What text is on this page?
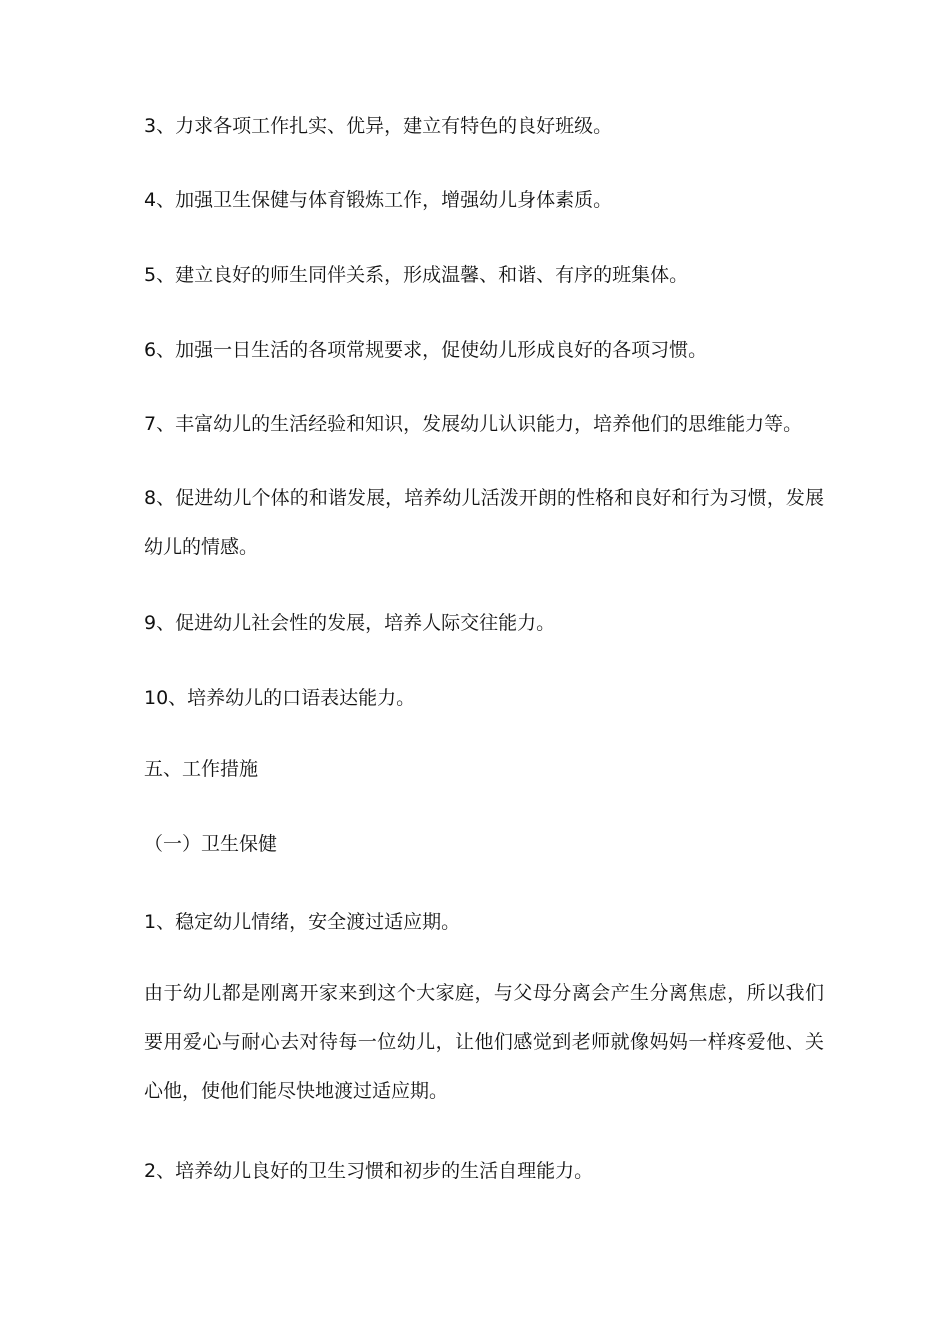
3、力求各项工作扎实、优异，建立有特色的良好班级。
4、加强卫生保健与体育锻炼工作，增强幼儿身体素质。
5、建立良好的师生同伴关系，形成温馨、和谐、有序的班集体。
6、加强一日生活的各项常规要求，促使幼儿形成良好的各项习惯。
7、丰富幼儿的生活经验和知识，发展幼儿认识能力，培养他们的思维能力等。
8、促进幼儿个体的和谐发展，培养幼儿活泼开朗的性格和良好和行为习惯，发展幼儿的情感。
9、促进幼儿社会性的发展，培养人际交往能力。
10、培养幼儿的口语表达能力。
五、工作措施
（一）卫生保健
1、稳定幼儿情绪，安全渡过适应期。
由于幼儿都是刚离开家来到这个大家庭，与父母分离会产生分离焦虑，所以我们要用爱心与耐心去对待每一位幼儿，让他们感觉到老师就像妈妈一样疼爱他、关心他，使他们能尽快地渡过适应期。
2、培养幼儿良好的卫生习惯和初步的生活自理能力。
